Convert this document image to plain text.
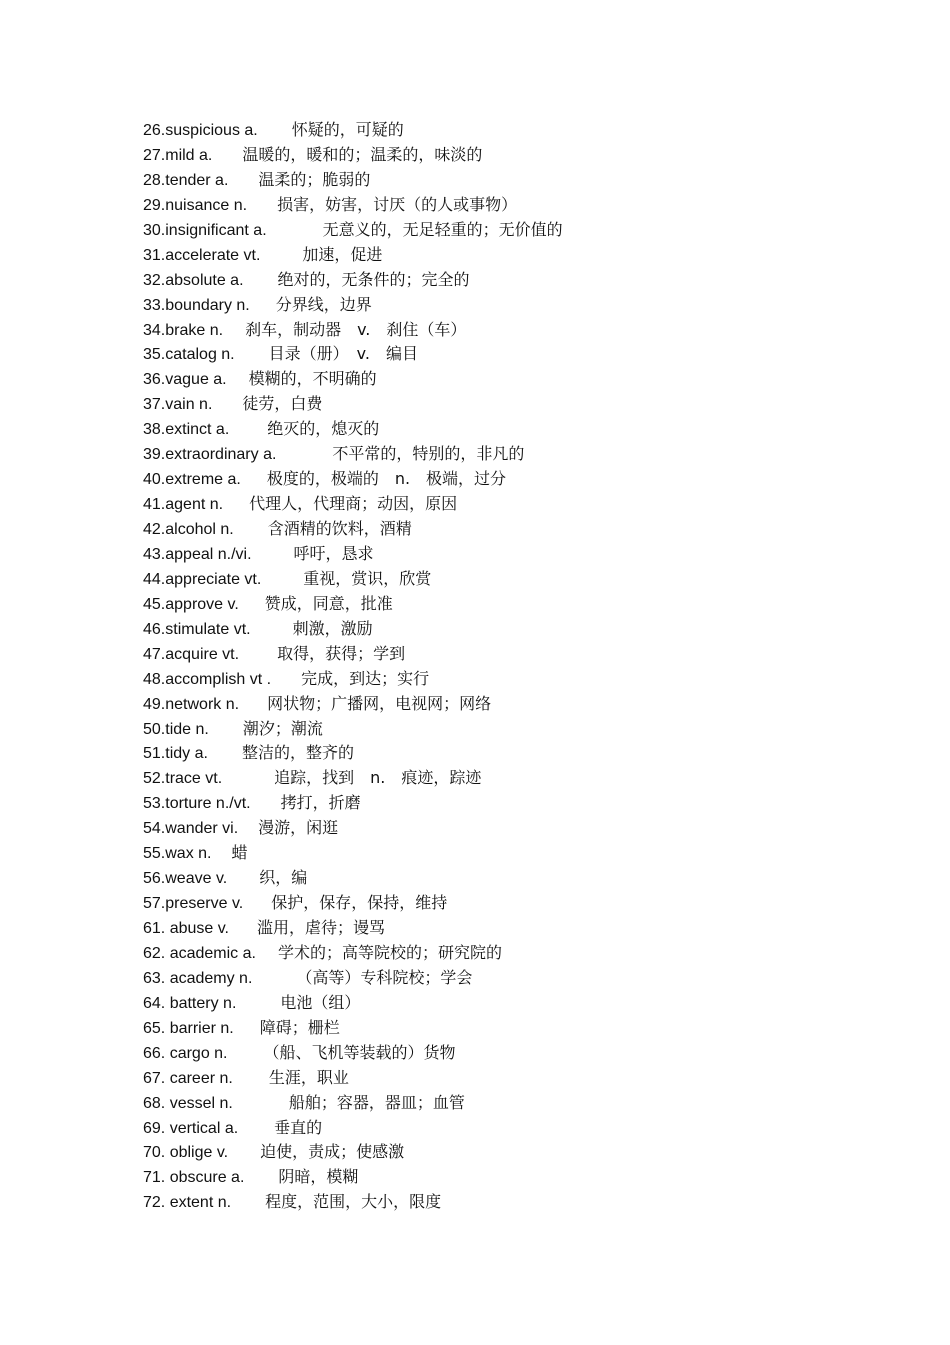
26.suspicious a.	怀疑的，可疑的
27.mild a.	温暖的，暖和的；温柔的，味淡的
28.tender a.	温柔的；脆弱的
29.nuisance n.	损害，妨害，讨厌（的人或事物）
30.insignificant a.	无意义的，无足轻重的；无价值的
31.accelerate vt.	加速，促进
32.absolute a.	绝对的，无条件的；完全的
33.boundary n.	分界线，边界
34.brake n.	刹车，制动器　v.　刹住（车）
35.catalog n.	目录（册）　v.　编目
36.vague a.	模糊的，不明确的
37.vain n.	徒劳，白费
38.extinct a.	绝灭的，熄灭的
39.extraordinary a.	不平常的，特别的，非凡的
40.extreme a.	极度的，极端的　n.　极端，过分
41.agent n.	代理人，代理商；动因，原因
42.alcohol n.	含酒精的饮料，酒精
43.appeal n./vi.	呼吁，恳求
44.appreciate vt.	重视，赏识，欣赏
45.approve v.	赞成，同意，批准
46.stimulate vt.	刺激，激励
47.acquire vt.	取得，获得；学到
48.accomplish vt .	完成，到达；实行
49.network n.	网状物；广播网，电视网；网络
50.tide n.	潮汐；潮流
51.tidy a.	整洁的，整齐的
52.trace vt.	追踪，找到　n.　痕迹，踪迹
53.torture n./vt.	拷打，折磨
54.wander vi.	漫游，闲逛
55.wax n.	蜡
56.weave v.	织，编
57.preserve v.	保护，保存，保持，维持
61. abuse v.	滥用，虐待；谩骂
62. academic a.	学术的；高等院校的；研究院的
63. academy n.	（高等）专科院校；学会
64. battery n.	电池（组）
65. barrier n.	障碍；栅栏
66. cargo n.	（船、飞机等装载的）货物
67. career n.	生涯，职业
68. vessel n.	船舶；容器，器皿；血管
69. vertical a.	垂直的
70. oblige v.	迫使，责成；使感激
71. obscure a.	阴暗，模糊
72. extent n.	程度，范围，大小，限度
